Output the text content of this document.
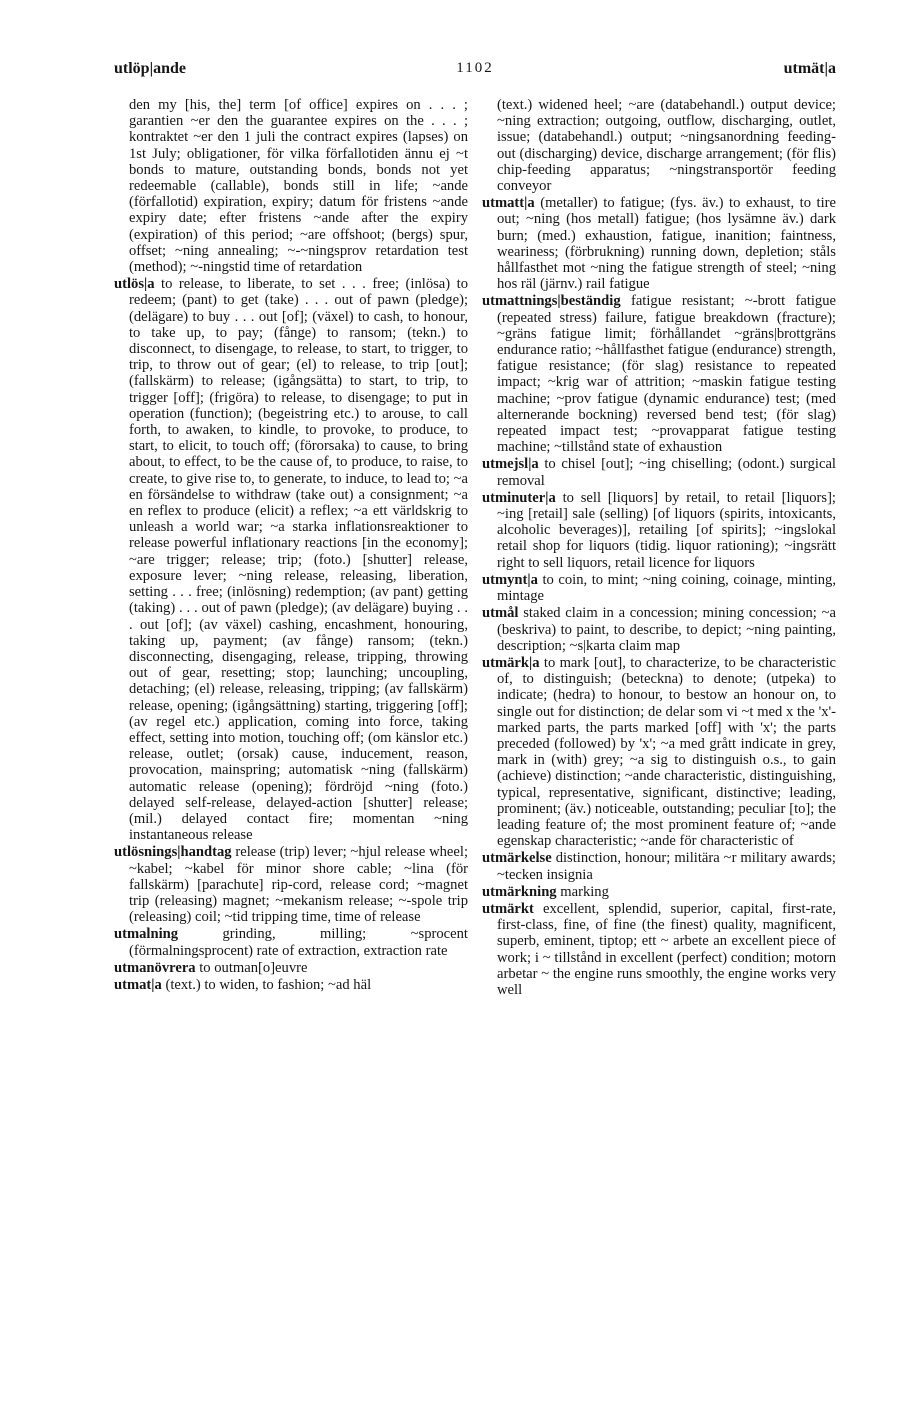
utlöp|ande	1102	utmät|a

den my [his, the] term [of office] expires on . . . ; garantien ~er den the guarantee expires on the . . . ; kontraktet ~er den 1 juli the contract expires (lapses) on 1st July; obligationer, för vilka förfallotiden ännu ej ~t bonds to mature, outstanding bonds, bonds not yet redeemable (callable), bonds still in life; ~ande (förfallotid) expiration, expiry; datum för fristens ~ande expiry date; efter fristens ~ande after the expiry (expiration) of this period; ~are offshoot; (bergs) spur, offset; ~ning annealing; ~-~ningsprov retardation test (method); ~-ningstid time of retardation

utlös|a to release, to liberate, to set . . . free; (inlösa) to redeem; (pant) to get (take) . . . out of pawn (pledge); (delägare) to buy . . . out [of]; (växel) to cash, to honour, to take up, to pay; (fånge) to ransom; (tekn.) to disconnect, to disengage, to release, to start, to trigger, to trip, to throw out of gear; (el) to release, to trip [out]; (fallskärm) to release; (igångsätta) to start, to trip, to trigger [off]; (frigöra) to release, to disengage; to put in operation (function); (begeistring etc.) to arouse, to call forth, to awaken, to kindle, to provoke, to produce, to start, to elicit, to touch off; (förorsaka) to cause, to bring about, to effect, to be the cause of, to produce, to raise, to create, to give rise to, to generate, to induce, to lead to; ~a en försändelse to withdraw (take out) a consignment; ~a en reflex to produce (elicit) a reflex; ~a ett världskrig to unleash a world war; ~a starka inflationsreaktioner to release powerful inflationary reactions [in the economy]; ~are trigger; release; trip; (foto.) [shutter] release, exposure lever; ~ning release, releasing, liberation, setting . . . free; (inlösning) redemption; (av pant) getting (taking) . . . out of pawn (pledge); (av delägare) buying . . . out [of]; (av växel) cashing, encashment, honouring, taking up, payment; (av fånge) ransom; (tekn.) disconnecting, disengaging, release, tripping, throwing out of gear, resetting; stop; launching; uncoupling, detaching; (el) release, releasing, tripping; (av fallskärm) release, opening; (igångsättning) starting, triggering [off]; (av regel etc.) application, coming into force, taking effect, setting into motion, touching off; (om känslor etc.) release, outlet; (orsak) cause, inducement, reason, provocation, mainspring; automatisk ~ning (fallskärm) automatic release (opening); fördröjd ~ning (foto.) delayed self-release, delayed-action [shutter] release; (mil.) delayed contact fire; momentan ~ning instantaneous release

utlösnings|handtag release (trip) lever; ~hjul release wheel; ~kabel; ~kabel för minor shore cable; ~lina (för fallskärm) [parachute] rip-cord, release cord; ~magnet trip (releasing) magnet; ~mekanism release; ~-spole trip (releasing) coil; ~tid tripping time, time of release

utmalning grinding, milling; ~sprocent (förmalningsprocent) rate of extraction, extraction rate

utmanövrera to outman[o]euvre

utmat|a (text.) to widen, to fashion; ~ad häl

(text.) widened heel; ~are (databehandl.) output device; ~ning extraction; outgoing, outflow, discharging, outlet, issue; (databehandl.) output; ~ningsanordning feeding-out (discharging) device, discharge arrangement; (för flis) chip-feeding apparatus; ~ningstransportör feeding conveyor

utmatt|a (metaller) to fatigue; (fys. äv.) to exhaust, to tire out; ~ning (hos metall) fatigue; (hos lysämne äv.) dark burn; (med.) exhaustion, fatigue, inanition; faintness, weariness; (förbrukning) running down, depletion; ståls hållfasthet mot ~ning the fatigue strength of steel; ~ning hos räl (järnv.) rail fatigue

utmattnings|beständig fatigue resistant; ~-brott fatigue (repeated stress) failure, fatigue breakdown (fracture); ~gräns fatigue limit; förhållandet ~gräns|brottgräns endurance ratio; ~hållfasthet fatigue (endurance) strength, fatigue resistance; (för slag) resistance to repeated impact; ~krig war of attrition; ~maskin fatigue testing machine; ~prov fatigue (dynamic endurance) test; (med alternerande bockning) reversed bend test; (för slag) repeated impact test; ~provapparat fatigue testing machine; ~tillstånd state of exhaustion

utmejsl|a to chisel [out]; ~ing chiselling; (odont.) surgical removal

utminuter|a to sell [liquors] by retail, to retail [liquors]; ~ing [retail] sale (selling) [of liquors (spirits, intoxicants, alcoholic beverages)], retailing [of spirits]; ~ingslokal retail shop for liquors (tidig. liquor rationing); ~ingsrätt right to sell liquors, retail licence for liquors

utmynt|a to coin, to mint; ~ning coining, coinage, minting, mintage

utmål staked claim in a concession; mining concession; ~a (beskriva) to paint, to describe, to depict; ~ning painting, description; ~s|karta claim map

utmärk|a to mark [out], to characterize, to be characteristic of, to distinguish; (beteckna) to denote; (utpeka) to indicate; (hedra) to honour, to bestow an honour on, to single out for distinction; de delar som vi ~t med x the 'x'-marked parts, the parts marked [off] with 'x'; the parts preceded (followed) by 'x'; ~a med grått indicate in grey, mark in (with) grey; ~a sig to distinguish o.s., to gain (achieve) distinction; ~ande characteristic, distinguishing, typical, representative, significant, distinctive; leading, prominent; (äv.) noticeable, outstanding; peculiar [to]; the leading feature of; the most prominent feature of; ~ande egenskap characteristic; ~ande för characteristic of

utmärkelse distinction, honour; militära ~r military awards; ~tecken insignia

utmärkning marking

utmärkt excellent, splendid, superior, capital, first-rate, first-class, fine, of fine (the finest) quality, magnificent, superb, eminent, tiptop; ett ~ arbete an excellent piece of work; i ~ tillstånd in excellent (perfect) condition; motorn arbetar ~ the engine runs smoothly, the engine works very well
